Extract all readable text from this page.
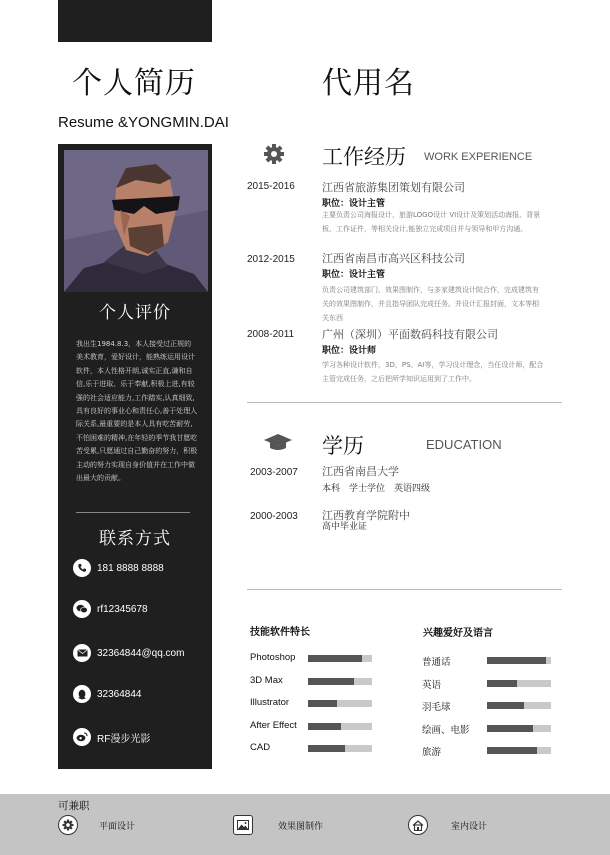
个人简历	代用名
Resume &YONGMIN.DAI
个人评价
我出生1984.8.3，本人接受过正规的美术教育，爱好设计，能熟练运用设计软件，本人性格开朗,诚实正直,谦和自信,乐于进取、乐于奉献,积极上进,有较强的社会适应能力,工作踏实,认真细致,具有良好的事业心和责任心,善于处理人际关系,最重要的是本人具有吃苦耐劳,不怕困难的精神,在年轻的季节我甘愿吃苦受累,只愿通过自己勤奋的努力，积极主动的努力实现自身价值并在工作中做出最大的贡献。
联系方式
181 8888 8888
rf12345678
32364844@qq.com
32364844
RF漫步光影
工作经历 WORK EXPERIENCE
2015-2016 江西省旅游集团策划有限公司
职位：设计主管
主要负责公司海报设计，旅游LOGO设计 VI设计及策划活动海报、背景板、工作证件，等相关设计,能独立完成项目并与领导和甲方沟通。
2012-2015 江西省南昌市高兴区科技公司
职位：设计主管
负责公司建筑部门，效果图制作，与多家建筑设计院合作，完成建筑有关的效果图制作，并且指导团队完成任务。并设计汇报封面，文本等相关东西
2008-2011	广州（深圳）平面数码科技有限公司
职位：设计师
学习各种设计软件，3D、PS、AI等，学习设计理念，当任设计师，配合主管完成任务，之后把所学知识运用到了工作中。
学历	EDUCATION
2003-2007 江西省南昌大学
本科　学士学位　英语四级
2000-2003 江西教育学院附中
高中毕业证
技能软件特长
Photoshop
3D Max
Illustrator
After Effect
CAD
兴趣爱好及语言
普通话
英语
羽毛球
绘画、电影
旅游
可兼职
平面设计	效果图制作	室内设计
